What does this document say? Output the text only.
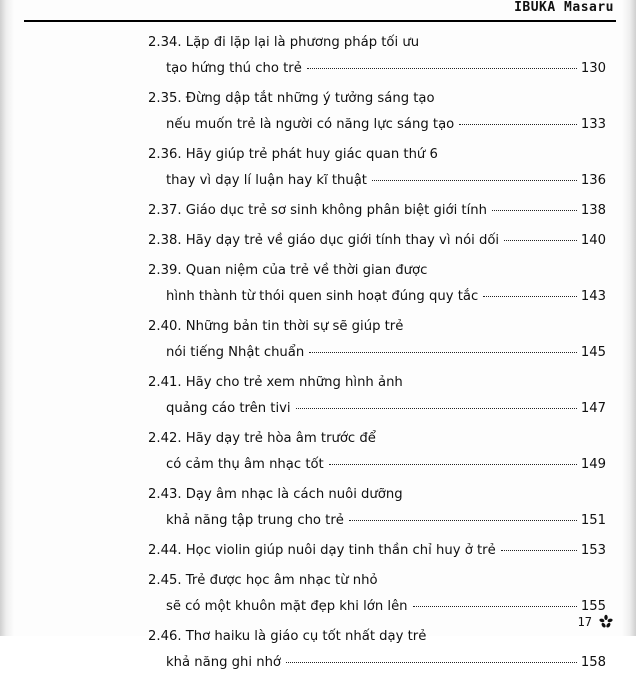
IBUKA Masaru
2.34. Lặp đi lặp lại là phương pháp tối ưu
tạo hứng thú cho trẻ	130
2.35. Đừng dập tắt những ý tưởng sáng tạo
nếu muốn trẻ là người có năng lực sáng tạo	133
2.36. Hãy giúp trẻ phát huy giác quan thứ 6
thay vì dạy lí luận hay kĩ thuật	136
2.37. Giáo dục trẻ sơ sinh không phân biệt giới tính	138
2.38. Hãy dạy trẻ về giáo dục giới tính thay vì nói dối	140
2.39. Quan niệm của trẻ về thời gian được
hình thành từ thói quen sinh hoạt đúng quy tắc	143
2.40. Những bản tin thời sự sẽ giúp trẻ
nói tiếng Nhật chuẩn	145
2.41. Hãy cho trẻ xem những hình ảnh
quảng cáo trên tivi	147
2.42. Hãy dạy trẻ hòa âm trước để
có cảm thụ âm nhạc tốt	149
2.43. Dạy âm nhạc là cách nuôi dưỡng
khả năng tập trung cho trẻ	151
2.44. Học violin giúp nuôi dạy tinh thần chỉ huy ở trẻ	153
2.45. Trẻ được học âm nhạc từ nhỏ
sẽ có một khuôn mặt đẹp khi lớn lên	155
2.46. Thơ haiku là giáo cụ tốt nhất dạy trẻ
khả năng ghi nhớ	158
17
